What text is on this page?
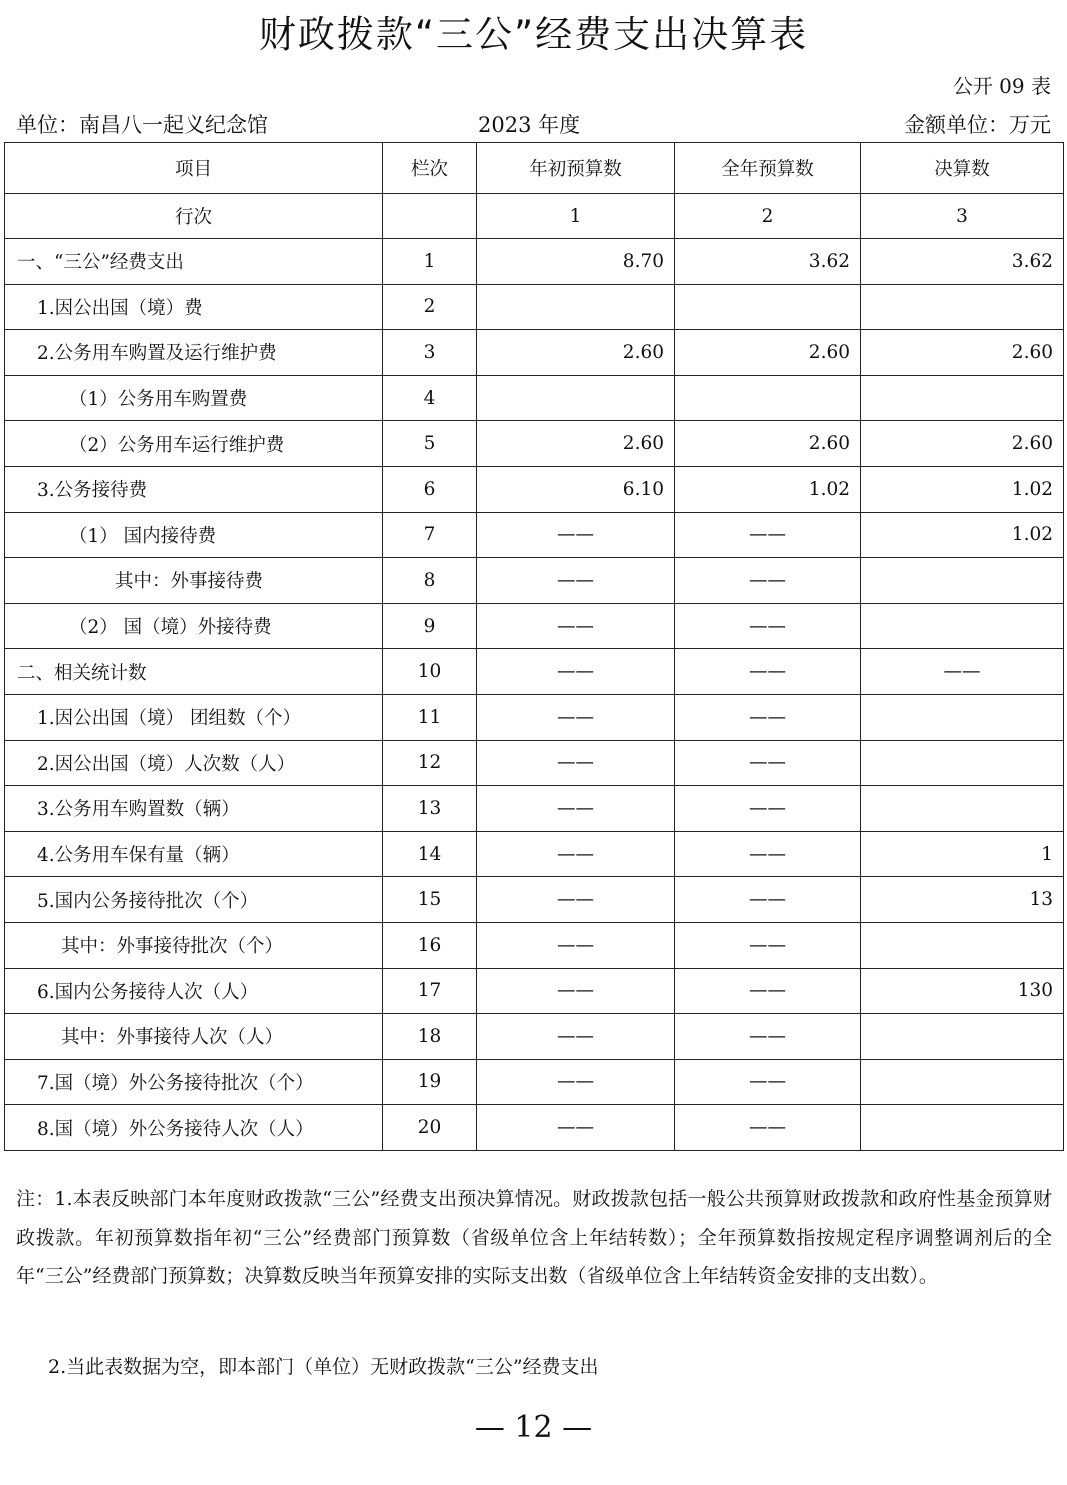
财政拨款“三公”经费支出决算表
公开 09 表
单位：南昌八一起义纪念馆	2023 年度	金额单位：万元
项目	栏次	年初预算数	全年预算数	决算数
行次		1	2	3
一、“三公”经费支出	1	8.70	3.62	3.62
1.因公出国（境）费	2			
2.公务用车购置及运行维护费	3	2.60	2.60	2.60
（1）公务用车购置费	4			
（2）公务用车运行维护费	5	2.60	2.60	2.60
3.公务接待费	6	6.10	1.02	1.02
（1） 国内接待费	7	——	——	1.02
其中：外事接待费	8	——	——	
（2） 国（境）外接待费	9	——	——	
二、相关统计数	10	——	——	——
1.因公出国（境） 团组数（个）	11	——	——	
2.因公出国（境）人次数（人）	12	——	——	
3.公务用车购置数（辆）	13	——	——	
4.公务用车保有量（辆）	14	——	——	1
5.国内公务接待批次（个）	15	——	——	13
其中：外事接待批次（个）	16	——	——	
6.国内公务接待人次（人）	17	——	——	130
其中：外事接待人次（人）	18	——	——	
7.国（境）外公务接待批次（个）	19	——	——	
8.国（境）外公务接待人次（人）	20	——	——	
注：1.本表反映部门本年度财政拨款“三公”经费支出预决算情况。财政拨款包括一般公共预算财政拨款和政府性基金预算财政拨款。年初预算数指年初“三公”经费部门预算数（省级单位含上年结转数）；全年预算数指按规定程序调整调剂后的全年“三公”经费部门预算数；决算数反映当年预算安排的实际支出数（省级单位含上年结转资金安排的支出数）。
2.当此表数据为空，即本部门（单位）无财政拨款“三公”经费支出
— 12 —
